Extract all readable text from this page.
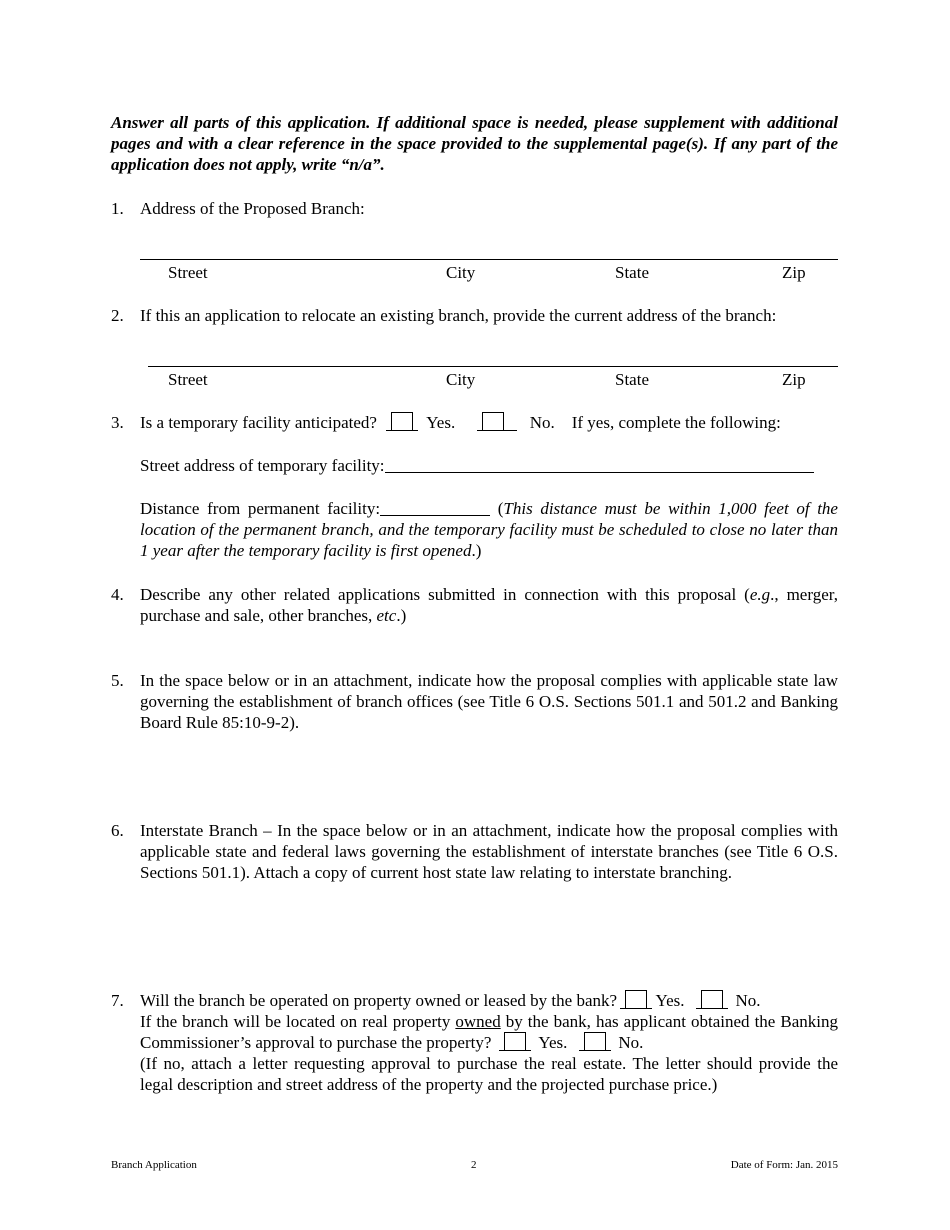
Answer all parts of this application. If additional space is needed, please supplement with additional pages and with a clear reference in the space provided to the supplemental page(s). If any part of the application does not apply, write “n/a”.
1. Address of the Proposed Branch:
Street	City	State	Zip
2. If this an application to relocate an existing branch, provide the current address of the branch:
Street	City	State	Zip
3. Is a temporary facility anticipated?	Yes.	No. If yes, complete the following:
Street address of temporary facility:
Distance from permanent facility:	(This distance must be within 1,000 feet of the location of the permanent branch, and the temporary facility must be scheduled to close no later than 1 year after the temporary facility is first opened.)
4. Describe any other related applications submitted in connection with this proposal (e.g., merger, purchase and sale, other branches, etc.)
5. In the space below or in an attachment, indicate how the proposal complies with applicable state law governing the establishment of branch offices (see Title 6 O.S. Sections 501.1 and 501.2 and Banking Board Rule 85:10-9-2).
6. Interstate Branch – In the space below or in an attachment, indicate how the proposal complies with applicable state and federal laws governing the establishment of interstate branches (see Title 6 O.S. Sections 501.1). Attach a copy of current host state law relating to interstate branching.
7. Will the branch be operated on property owned or leased by the bank? Yes.	No.
If the branch will be located on real property owned by the bank, has applicant obtained the Banking Commissioner’s approval to purchase the property?	Yes.	No.
(If no, attach a letter requesting approval to purchase the real estate. The letter should provide the legal description and street address of the property and the projected purchase price.)
Branch Application	2	Date of Form: Jan. 2015
